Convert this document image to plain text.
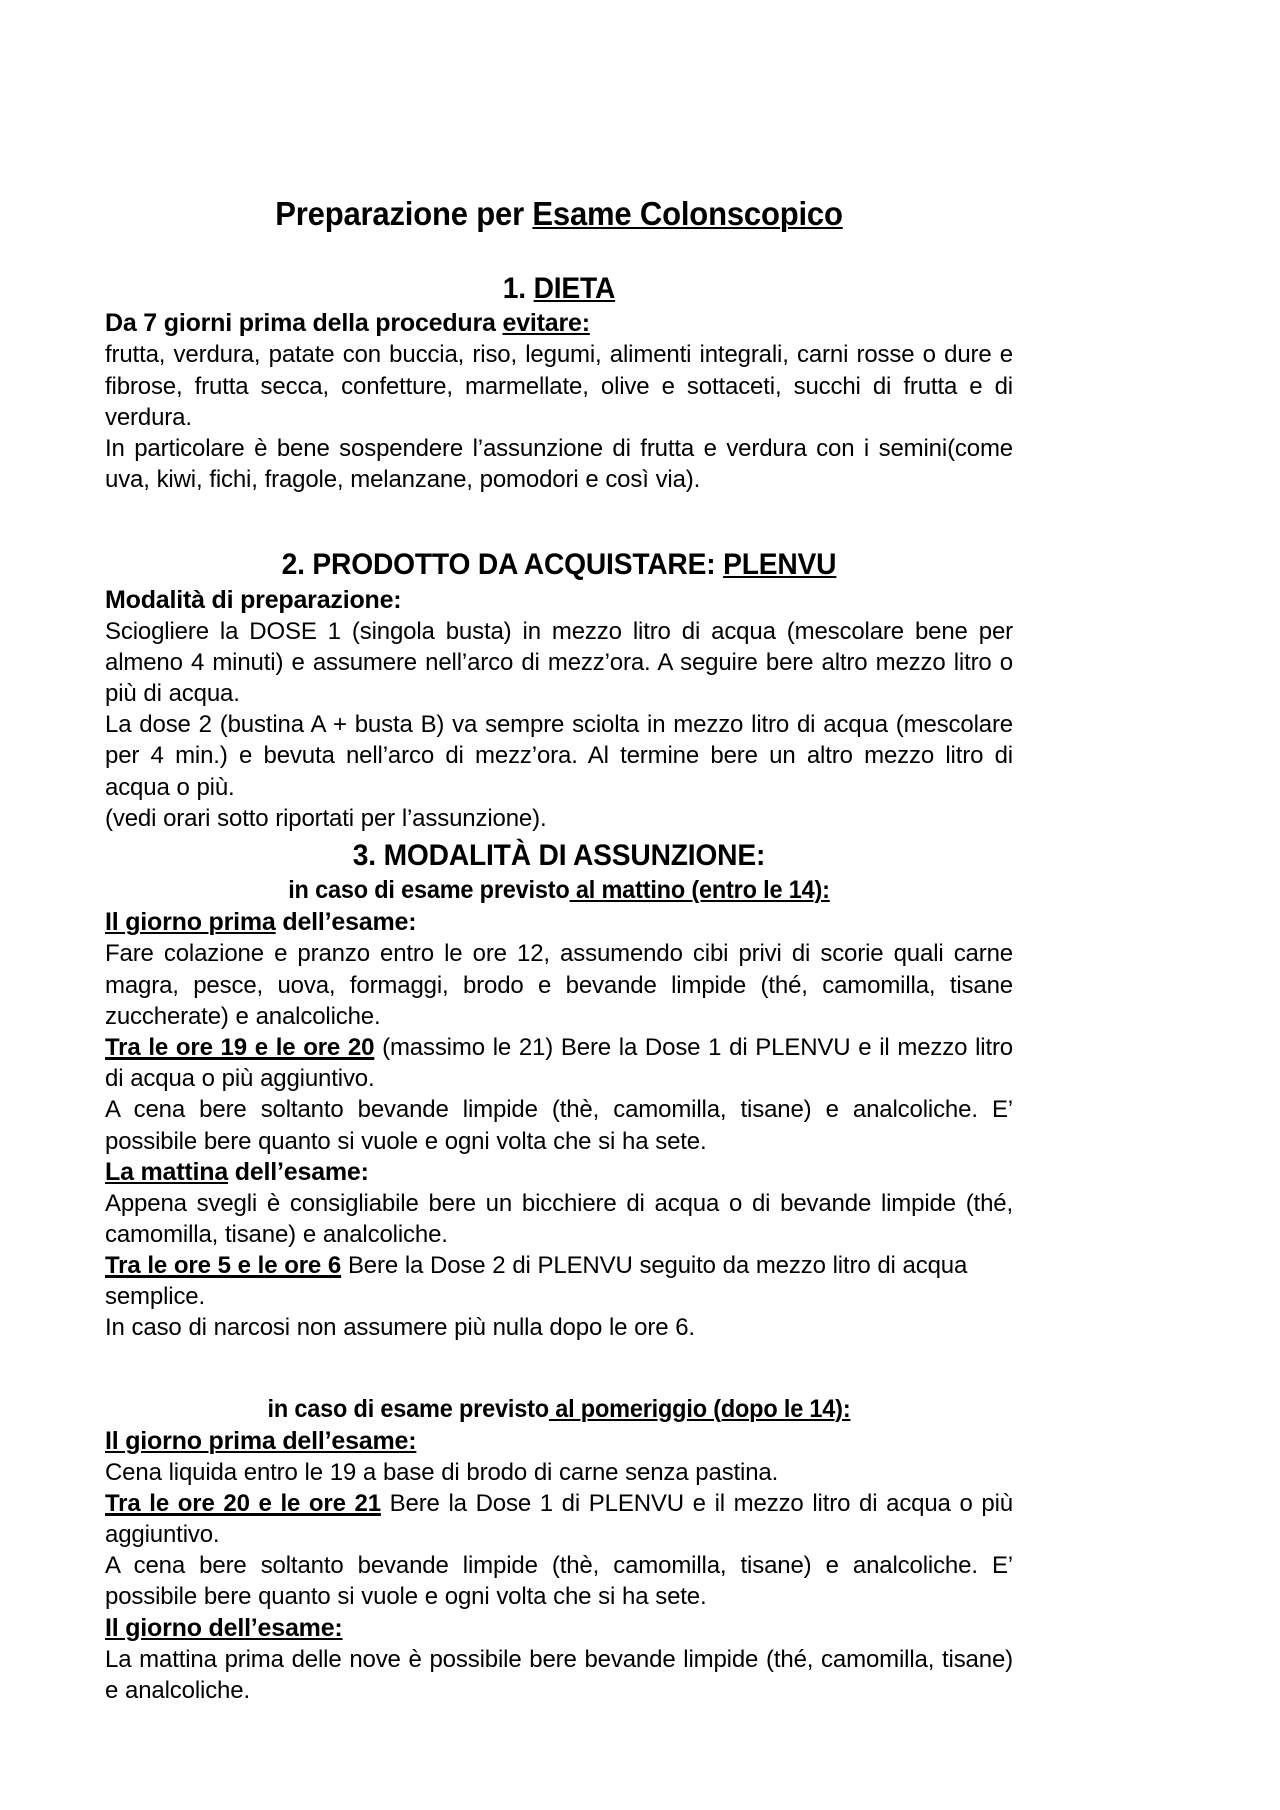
Preparazione per Esame Colonscopico
1. DIETA
Da 7 giorni prima della procedura evitare:

frutta, verdura, patate con buccia, riso, legumi, alimenti integrali, carni rosse o dure e fibrose, frutta secca, confetture, marmellate, olive e sottaceti, succhi di frutta e di verdura.

In particolare è bene sospendere l’assunzione di frutta e verdura con i semini(come uva, kiwi, fichi, fragole, melanzane, pomodori e così via).

2. PRODOTTO DA ACQUISTARE: PLENVU
Modalità di preparazione:

Sciogliere la DOSE 1 (singola busta) in mezzo litro di acqua (mescolare bene per almeno 4 minuti) e assumere nell’arco di mezz’ora. A seguire bere altro mezzo litro o più di acqua.

La dose 2 (bustina A + busta B) va sempre sciolta in mezzo litro di acqua (mescolare per 4 min.) e bevuta nell’arco di mezz’ora. Al termine bere un altro mezzo litro di acqua o più.

(vedi orari sotto riportati per l’assunzione).

3. MODALITÀ DI ASSUNZIONE:
in caso di esame previsto al mattino (entro le 14):
Il giorno prima dell’esame:

Fare colazione e pranzo entro le ore 12, assumendo cibi privi di scorie quali carne magra, pesce, uova, formaggi, brodo e bevande limpide (thé, camomilla, tisane zuccherate) e analcoliche.

Tra le ore 19 e le ore 20 (massimo le 21) Bere la Dose 1 di PLENVU e il mezzo litro di acqua o più aggiuntivo.

A cena bere soltanto bevande limpide (thè, camomilla, tisane) e analcoliche. E’ possibile bere quanto si vuole e ogni volta che si ha sete.

La mattina dell’esame:

Appena svegli è consigliabile bere un bicchiere di acqua o di bevande limpide (thé, camomilla, tisane) e analcoliche.

Tra le ore 5 e le ore 6 Bere la Dose 2 di PLENVU seguito da mezzo litro di acqua semplice.

In caso di narcosi non assumere più nulla dopo le ore 6.

in caso di esame previsto al pomeriggio (dopo le 14):
Il giorno prima dell’esame:

Cena liquida entro le 19 a base di brodo di carne senza pastina.

Tra le ore 20 e le ore 21 Bere la Dose 1 di PLENVU e il mezzo litro di acqua o più aggiuntivo.

A cena bere soltanto bevande limpide (thè, camomilla, tisane) e analcoliche. E’ possibile bere quanto si vuole e ogni volta che si ha sete.

Il giorno dell’esame:

La mattina prima delle nove è possibile bere bevande limpide (thé, camomilla, tisane) e analcoliche.
